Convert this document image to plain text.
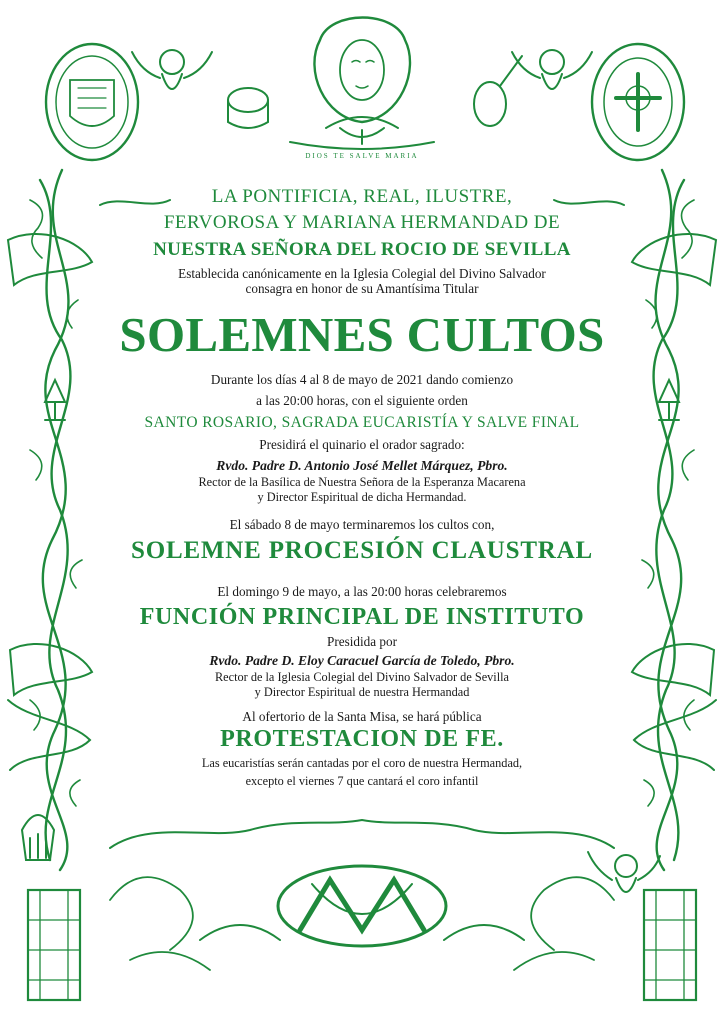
DIOS TE SALVE MARIA
LA PONTIFICIA, REAL, ILUSTRE,
FERVOROSA Y MARIANA HERMANDAD DE
NUESTRA SEÑORA DEL ROCIO DE SEVILLA
Establecida canónicamente en la Iglesia Colegial del Divino Salvador
consagra en honor de su Amantísima Titular
SOLEMNES CULTOS
Durante los días 4 al 8 de mayo de 2021 dando comienzo
a las 20:00 horas, con el siguiente orden
SANTO ROSARIO, SAGRADA EUCARISTÍA Y SALVE FINAL
Presidirá el quinario el orador sagrado:
Rvdo. Padre D. Antonio José Mellet Márquez, Pbro.
Rector de la Basílica de Nuestra Señora de la Esperanza Macarena
y Director Espiritual de dicha Hermandad.
El sábado 8 de mayo terminaremos los cultos con,
SOLEMNE PROCESIÓN CLAUSTRAL
El domingo 9 de mayo, a las 20:00 horas celebraremos
FUNCIÓN PRINCIPAL DE INSTITUTO
Presidida por
Rvdo. Padre D. Eloy Caracuel García de Toledo, Pbro.
Rector de la Iglesia Colegial del Divino Salvador de Sevilla
y Director Espiritual de nuestra Hermandad
Al ofertorio de la Santa Misa, se hará pública
PROTESTACION DE FE.
Las eucaristías serán cantadas por el coro de nuestra Hermandad,
excepto el viernes 7 que cantará el coro infantil
